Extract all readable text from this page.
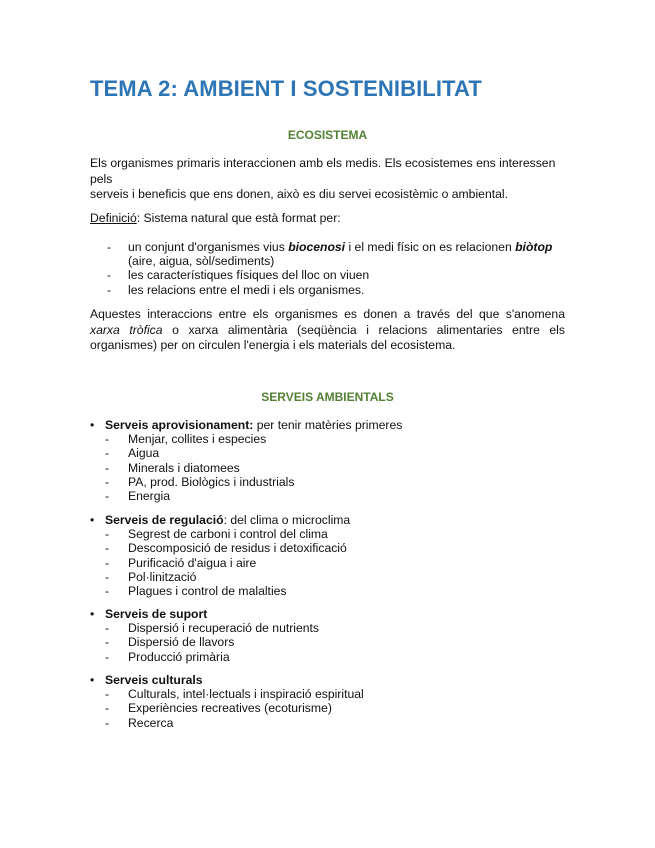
TEMA 2: AMBIENT I SOSTENIBILITAT
ECOSISTEMA

Els organismes primaris interaccionen amb els medis. Els ecosistemes ens interessen pels
serveis i beneficis que ens donen, això es diu servei ecosistèmic o ambiental.

Definició: Sistema natural que està format per:

- un conjunt d'organismes vius biocenosi i el medi físic on es relacionen biòtop
(aire, aigua, sòl/sediments)
- les característiques físiques del lloc on viuen
- les relacions entre el medi i els organismes.

Aquestes interaccions entre els organismes es donen a través del que s'anomena xarxa tròfica o xarxa alimentària (seqüència i relacions alimentaries entre els organismes) per on circulen l'energia i els materials del ecosistema.

SERVEIS AMBIENTALS
• Serveis aprovisionament: per tenir matèries primeres
- Menjar, collites i especies
- Aigua
- Minerals i diatomees
- PA, prod. Biològics i industrials
- Energia
• Serveis de regulació: del clima o microclima
- Segrest de carboni i control del clima
- Descomposició de residus i detoxificació
- Purificació d'aigua i aire
- Pol·linització
- Plagues i control de malalties
• Serveis de suport
- Dispersió i recuperació de nutrients
- Dispersió de llavors
- Producció primària
• Serveis culturals
- Culturals, intel·lectuals i inspiració espiritual
- Experiències recreatives (ecoturisme)
- Recerca
